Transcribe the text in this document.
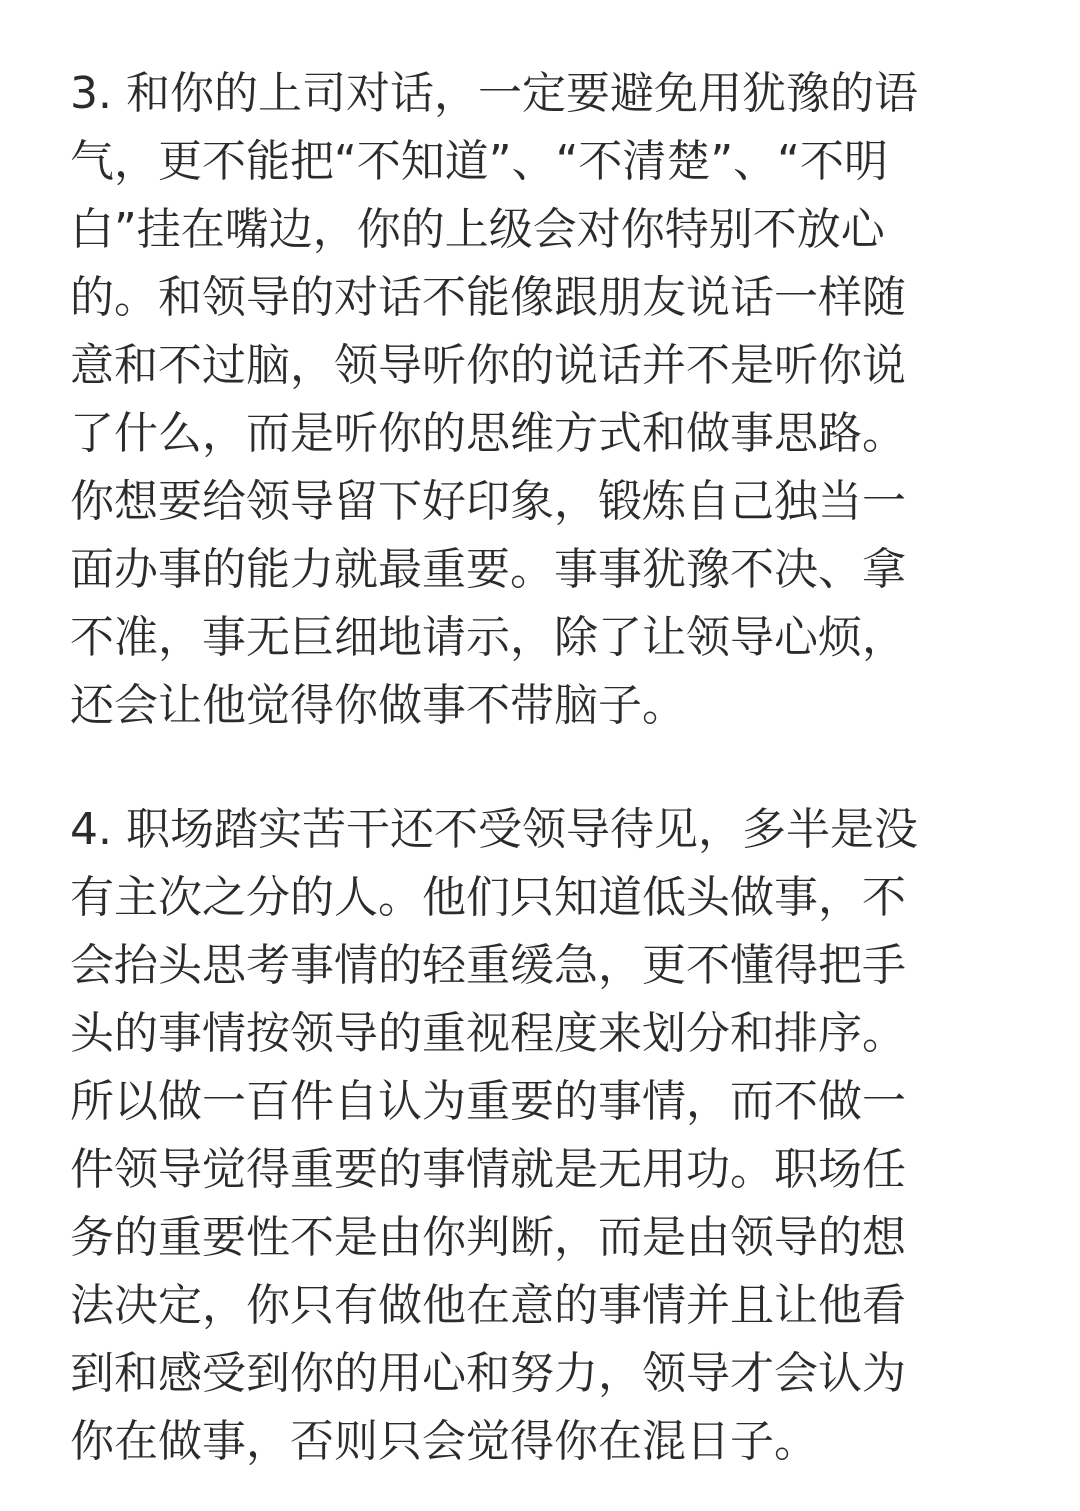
3. 和你的上司对话，一定要避免用犹豫的语
气，更不能把“不知道”、“不清楚”、“不明
白”挂在嘴边，你的上级会对你特别不放心
的。和领导的对话不能像跟朋友说话一样随
意和不过脑，领导听你的说话并不是听你说
了什么，而是听你的思维方式和做事思路。
你想要给领导留下好印象，锻炼自己独当一
面办事的能力就最重要。事事犹豫不决、拿
不准，事无巨细地请示，除了让领导心烦，
还会让他觉得你做事不带脑子。

4. 职场踏实苦干还不受领导待见，多半是没
有主次之分的人。他们只知道低头做事，不
会抬头思考事情的轻重缓急，更不懂得把手
头的事情按领导的重视程度来划分和排序。
所以做一百件自认为重要的事情，而不做一
件领导觉得重要的事情就是无用功。职场任
务的重要性不是由你判断，而是由领导的想
法决定，你只有做他在意的事情并且让他看
到和感受到你的用心和努力，领导才会认为
你在做事，否则只会觉得你在混日子。
